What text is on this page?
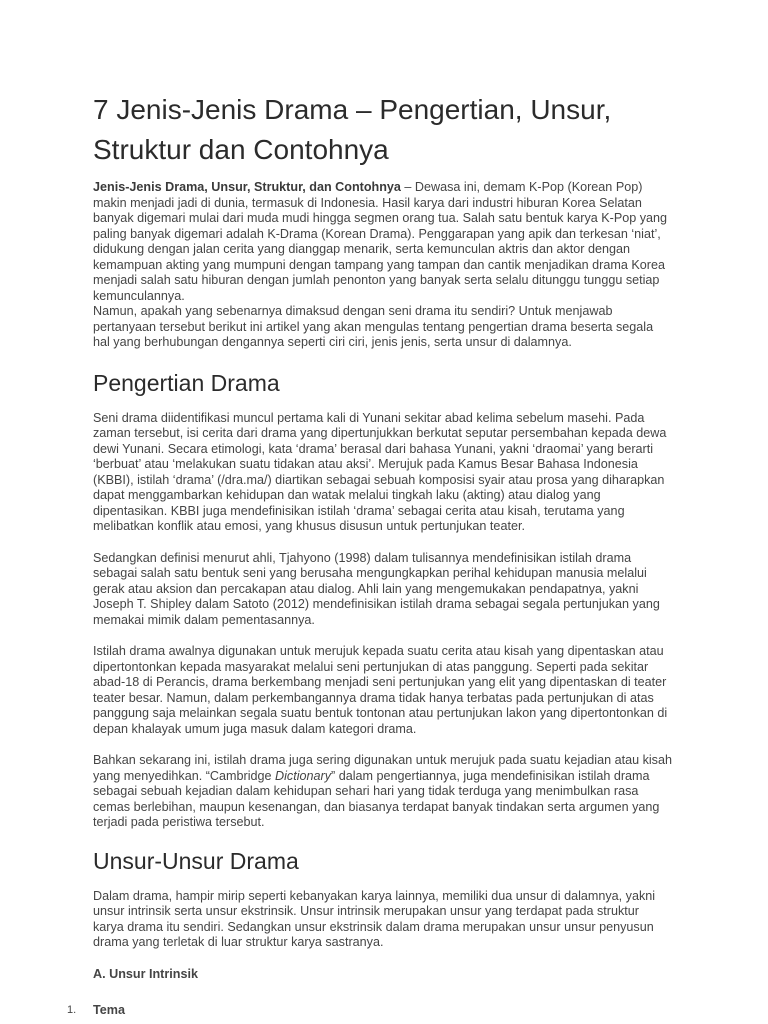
7 Jenis-Jenis Drama – Pengertian, Unsur, Struktur dan Contohnya

Jenis-Jenis Drama, Unsur, Struktur, dan Contohnya – Dewasa ini, demam K-Pop (Korean Pop) makin menjadi jadi di dunia, termasuk di Indonesia. Hasil karya dari industri hiburan Korea Selatan banyak digemari mulai dari muda mudi hingga segmen orang tua. Salah satu bentuk karya K-Pop yang paling banyak digemari adalah K-Drama (Korean Drama). Penggarapan yang apik dan terkesan ‘niat’, didukung dengan jalan cerita yang dianggap menarik, serta kemunculan aktris dan aktor dengan kemampuan akting yang mumpuni dengan tampang yang tampan dan cantik menjadikan drama Korea menjadi salah satu hiburan dengan jumlah penonton yang banyak serta selalu ditunggu tunggu setiap kemunculannya.

Namun, apakah yang sebenarnya dimaksud dengan seni drama itu sendiri? Untuk menjawab pertanyaan tersebut berikut ini artikel yang akan mengulas tentang pengertian drama beserta segala hal yang berhubungan dengannya seperti ciri ciri, jenis jenis, serta unsur di dalamnya.

Pengertian Drama

Seni drama diidentifikasi muncul pertama kali di Yunani sekitar abad kelima sebelum masehi. Pada zaman tersebut, isi cerita dari drama yang dipertunjukkan berkutat seputar persembahan kepada dewa dewi Yunani. Secara etimologi, kata ‘drama’ berasal dari bahasa Yunani, yakni ‘draomai’ yang berarti ‘berbuat’ atau ‘melakukan suatu tidakan atau aksi’. Merujuk pada Kamus Besar Bahasa Indonesia (KBBI), istilah ‘drama’ (/dra.ma/) diartikan sebagai sebuah komposisi syair atau prosa yang diharapkan dapat menggambarkan kehidupan dan watak melalui tingkah laku (akting) atau dialog yang dipentasikan. KBBI juga mendefinisikan istilah ‘drama’ sebagai cerita atau kisah, terutama yang melibatkan konflik atau emosi, yang khusus disusun untuk pertunjukan teater.

Sedangkan definisi menurut ahli, Tjahyono (1998) dalam tulisannya mendefinisikan istilah drama sebagai salah satu bentuk seni yang berusaha mengungkapkan perihal kehidupan manusia melalui gerak atau aksion dan percakapan atau dialog. Ahli lain yang mengemukakan pendapatnya, yakni Joseph T. Shipley dalam Satoto (2012) mendefinisikan istilah drama sebagai segala pertunjukan yang memakai mimik dalam pementasannya.

Istilah drama awalnya digunakan untuk merujuk kepada suatu cerita atau kisah yang dipentaskan atau dipertontonkan kepada masyarakat melalui seni pertunjukan di atas panggung. Seperti pada sekitar abad-18 di Perancis, drama berkembang menjadi seni pertunjukan yang elit yang dipentaskan di teater teater besar. Namun, dalam perkembangannya drama tidak hanya terbatas pada pertunjukan di atas panggung saja melainkan segala suatu bentuk tontonan atau pertunjukan lakon yang dipertontonkan di depan khalayak umum juga masuk dalam kategori drama.

Bahkan sekarang ini, istilah drama juga sering digunakan untuk merujuk pada suatu kejadian atau kisah yang menyedihkan. “Cambridge Dictionary” dalam pengertiannya, juga mendefinisikan istilah drama sebagai sebuah kejadian dalam kehidupan sehari hari yang tidak terduga yang menimbulkan rasa cemas berlebihan, maupun kesenangan, dan biasanya terdapat banyak tindakan serta argumen yang terjadi pada peristiwa tersebut.

Unsur-Unsur Drama

Dalam drama, hampir mirip seperti kebanyakan karya lainnya, memiliki dua unsur di dalamnya, yakni unsur intrinsik serta unsur ekstrinsik. Unsur intrinsik merupakan unsur yang terdapat pada struktur karya drama itu sendiri. Sedangkan unsur ekstrinsik dalam drama merupakan unsur unsur penyusun drama yang terletak di luar struktur karya sastranya.

A. Unsur Intrinsik
1. Tema
